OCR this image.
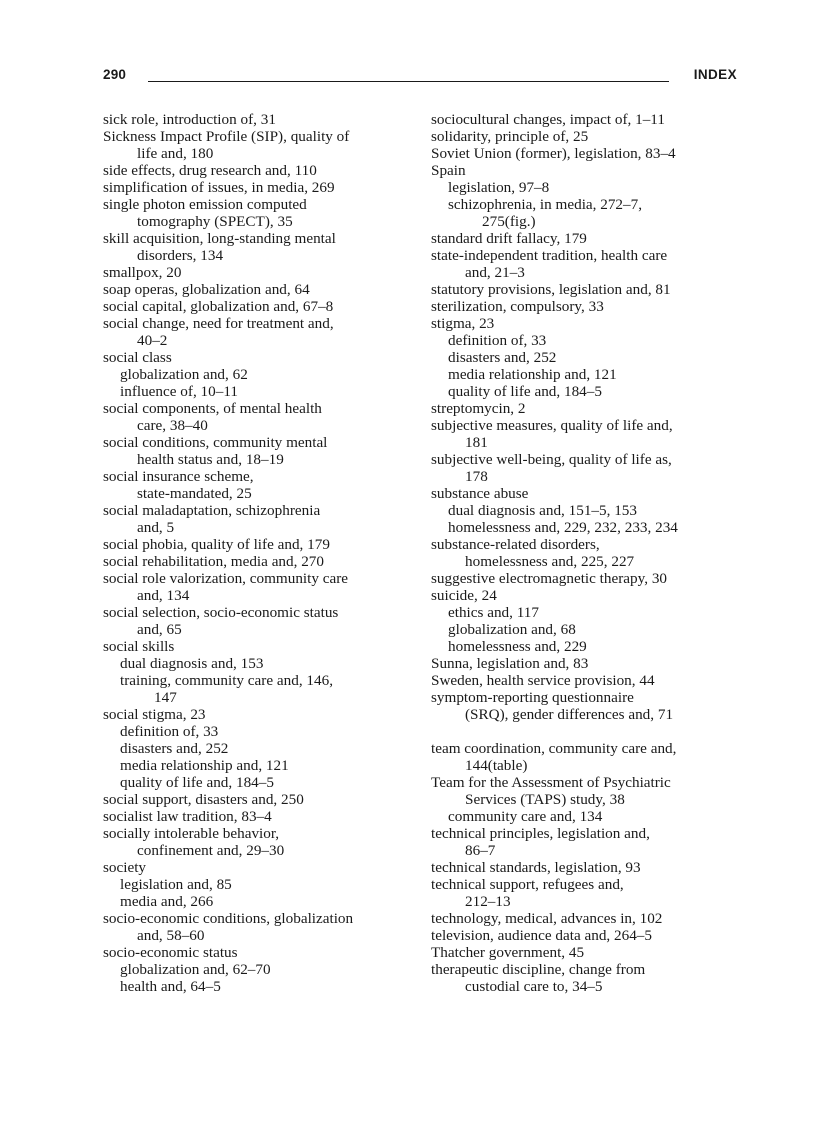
290	INDEX
sick role, introduction of, 31
Sickness Impact Profile (SIP), quality of
life and, 180
side effects, drug research and, 110
simplification of issues, in media, 269
single photon emission computed
tomography (SPECT), 35
skill acquisition, long-standing mental
disorders, 134
smallpox, 20
soap operas, globalization and, 64
social capital, globalization and, 67–8
social change, need for treatment and,
40–2
social class
globalization and, 62
influence of, 10–11
social components, of mental health
care, 38–40
social conditions, community mental
health status and, 18–19
social insurance scheme,
state-mandated, 25
social maladaptation, schizophrenia
and, 5
social phobia, quality of life and, 179
social rehabilitation, media and, 270
social role valorization, community care
and, 134
social selection, socio-economic status
and, 65
social skills
dual diagnosis and, 153
training, community care and, 146,
147
social stigma, 23
definition of, 33
disasters and, 252
media relationship and, 121
quality of life and, 184–5
social support, disasters and, 250
socialist law tradition, 83–4
socially intolerable behavior,
confinement and, 29–30
society
legislation and, 85
media and, 266
socio-economic conditions, globalization
and, 58–60
socio-economic status
globalization and, 62–70
health and, 64–5
sociocultural changes, impact of, 1–11
solidarity, principle of, 25
Soviet Union (former), legislation, 83–4
Spain
legislation, 97–8
schizophrenia, in media, 272–7,
275(fig.)
standard drift fallacy, 179
state-independent tradition, health care
and, 21–3
statutory provisions, legislation and, 81
sterilization, compulsory, 33
stigma, 23
definition of, 33
disasters and, 252
media relationship and, 121
quality of life and, 184–5
streptomycin, 2
subjective measures, quality of life and,
181
subjective well-being, quality of life as,
178
substance abuse
dual diagnosis and, 151–5, 153
homelessness and, 229, 232, 233, 234
substance-related disorders,
homelessness and, 225, 227
suggestive electromagnetic therapy, 30
suicide, 24
ethics and, 117
globalization and, 68
homelessness and, 229
Sunna, legislation and, 83
Sweden, health service provision, 44
symptom-reporting questionnaire
(SRQ), gender differences and, 71
team coordination, community care and,
144(table)
Team for the Assessment of Psychiatric
Services (TAPS) study, 38
community care and, 134
technical principles, legislation and,
86–7
technical standards, legislation, 93
technical support, refugees and,
212–13
technology, medical, advances in, 102
television, audience data and, 264–5
Thatcher government, 45
therapeutic discipline, change from
custodial care to, 34–5
